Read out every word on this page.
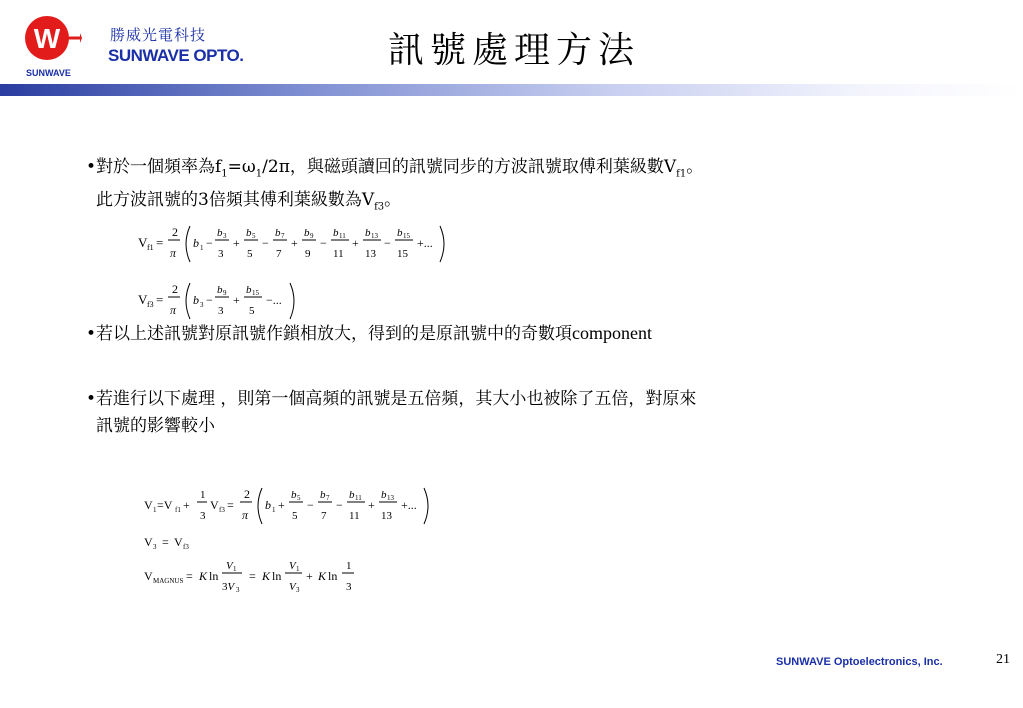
W
SUNWAVE
勝威光電科技
SUNWAVE OPTO.	訊號處理方法
•對於一個頻率為$f_1=\omega_1/2\pi$，與磁頭讀回的訊號同步的方波訊號取傅利葉級數$V_{f1}$。
此方波訊號的3倍頻其傅利葉級數為$V_{f3}$。
V f1 =
2
π
b 1 −
b 3
3
+
b 5
5
−
b 7
7
+
b 9
9
−
b 11
11
+
b 13
13
−
b 15
15
+...
V f3 =
2
π
b 3 −
b 9
3
+
b 15
5
−...
•若以上述訊號對原訊號作鎖相放大，得到的是原訊號中的奇數項component
•若進行以下處理 ，則第一個高頻的訊號是五倍頻，其大小也被除了五倍，對原來
訊號的影響較小
V 1 =V f1 +
1
3
V f3 =
2
π
b 1 +
b 5
5
−
b 7
7
−
b 11
11
+
b 13
13
+...
V 3 = V f3
V MAGNUS = K ln
V 1
3V 3
= K ln
V 1
V 3
+ K ln
1
3
SUNWAVE Optoelectronics, Inc.	21
